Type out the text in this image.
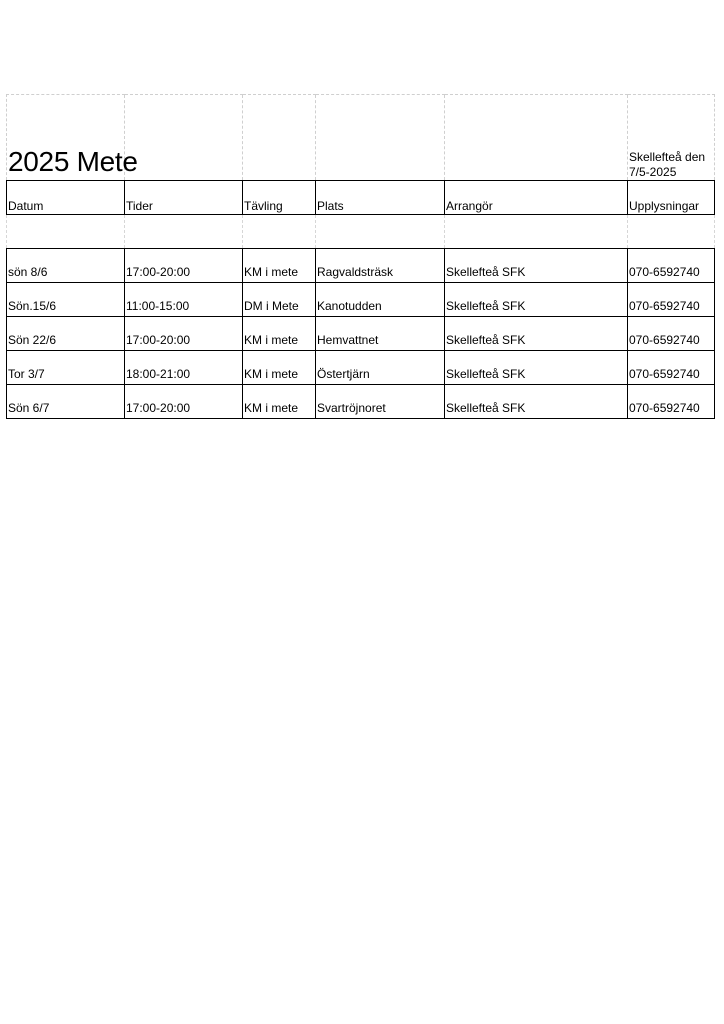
2025 Mete					Skellefteå den 7/5-2025
Datum	Tider	Tävling	Plats	Arrangör	Upplysningar

sön 8/6	17:00-20:00	KM i mete	Ragvaldsträsk	Skellefteå SFK	070-6592740
Sön.15/6	11:00-15:00	DM i Mete	Kanotudden	Skellefteå SFK	070-6592740
Sön 22/6	17:00-20:00	KM i mete	Hemvattnet	Skellefteå SFK	070-6592740
Tor 3/7	18:00-21:00	KM i mete	Östertjärn	Skellefteå SFK	070-6592740
Sön 6/7	17:00-20:00	KM i mete	Svartröjnoret	Skellefteå SFK	070-6592740
